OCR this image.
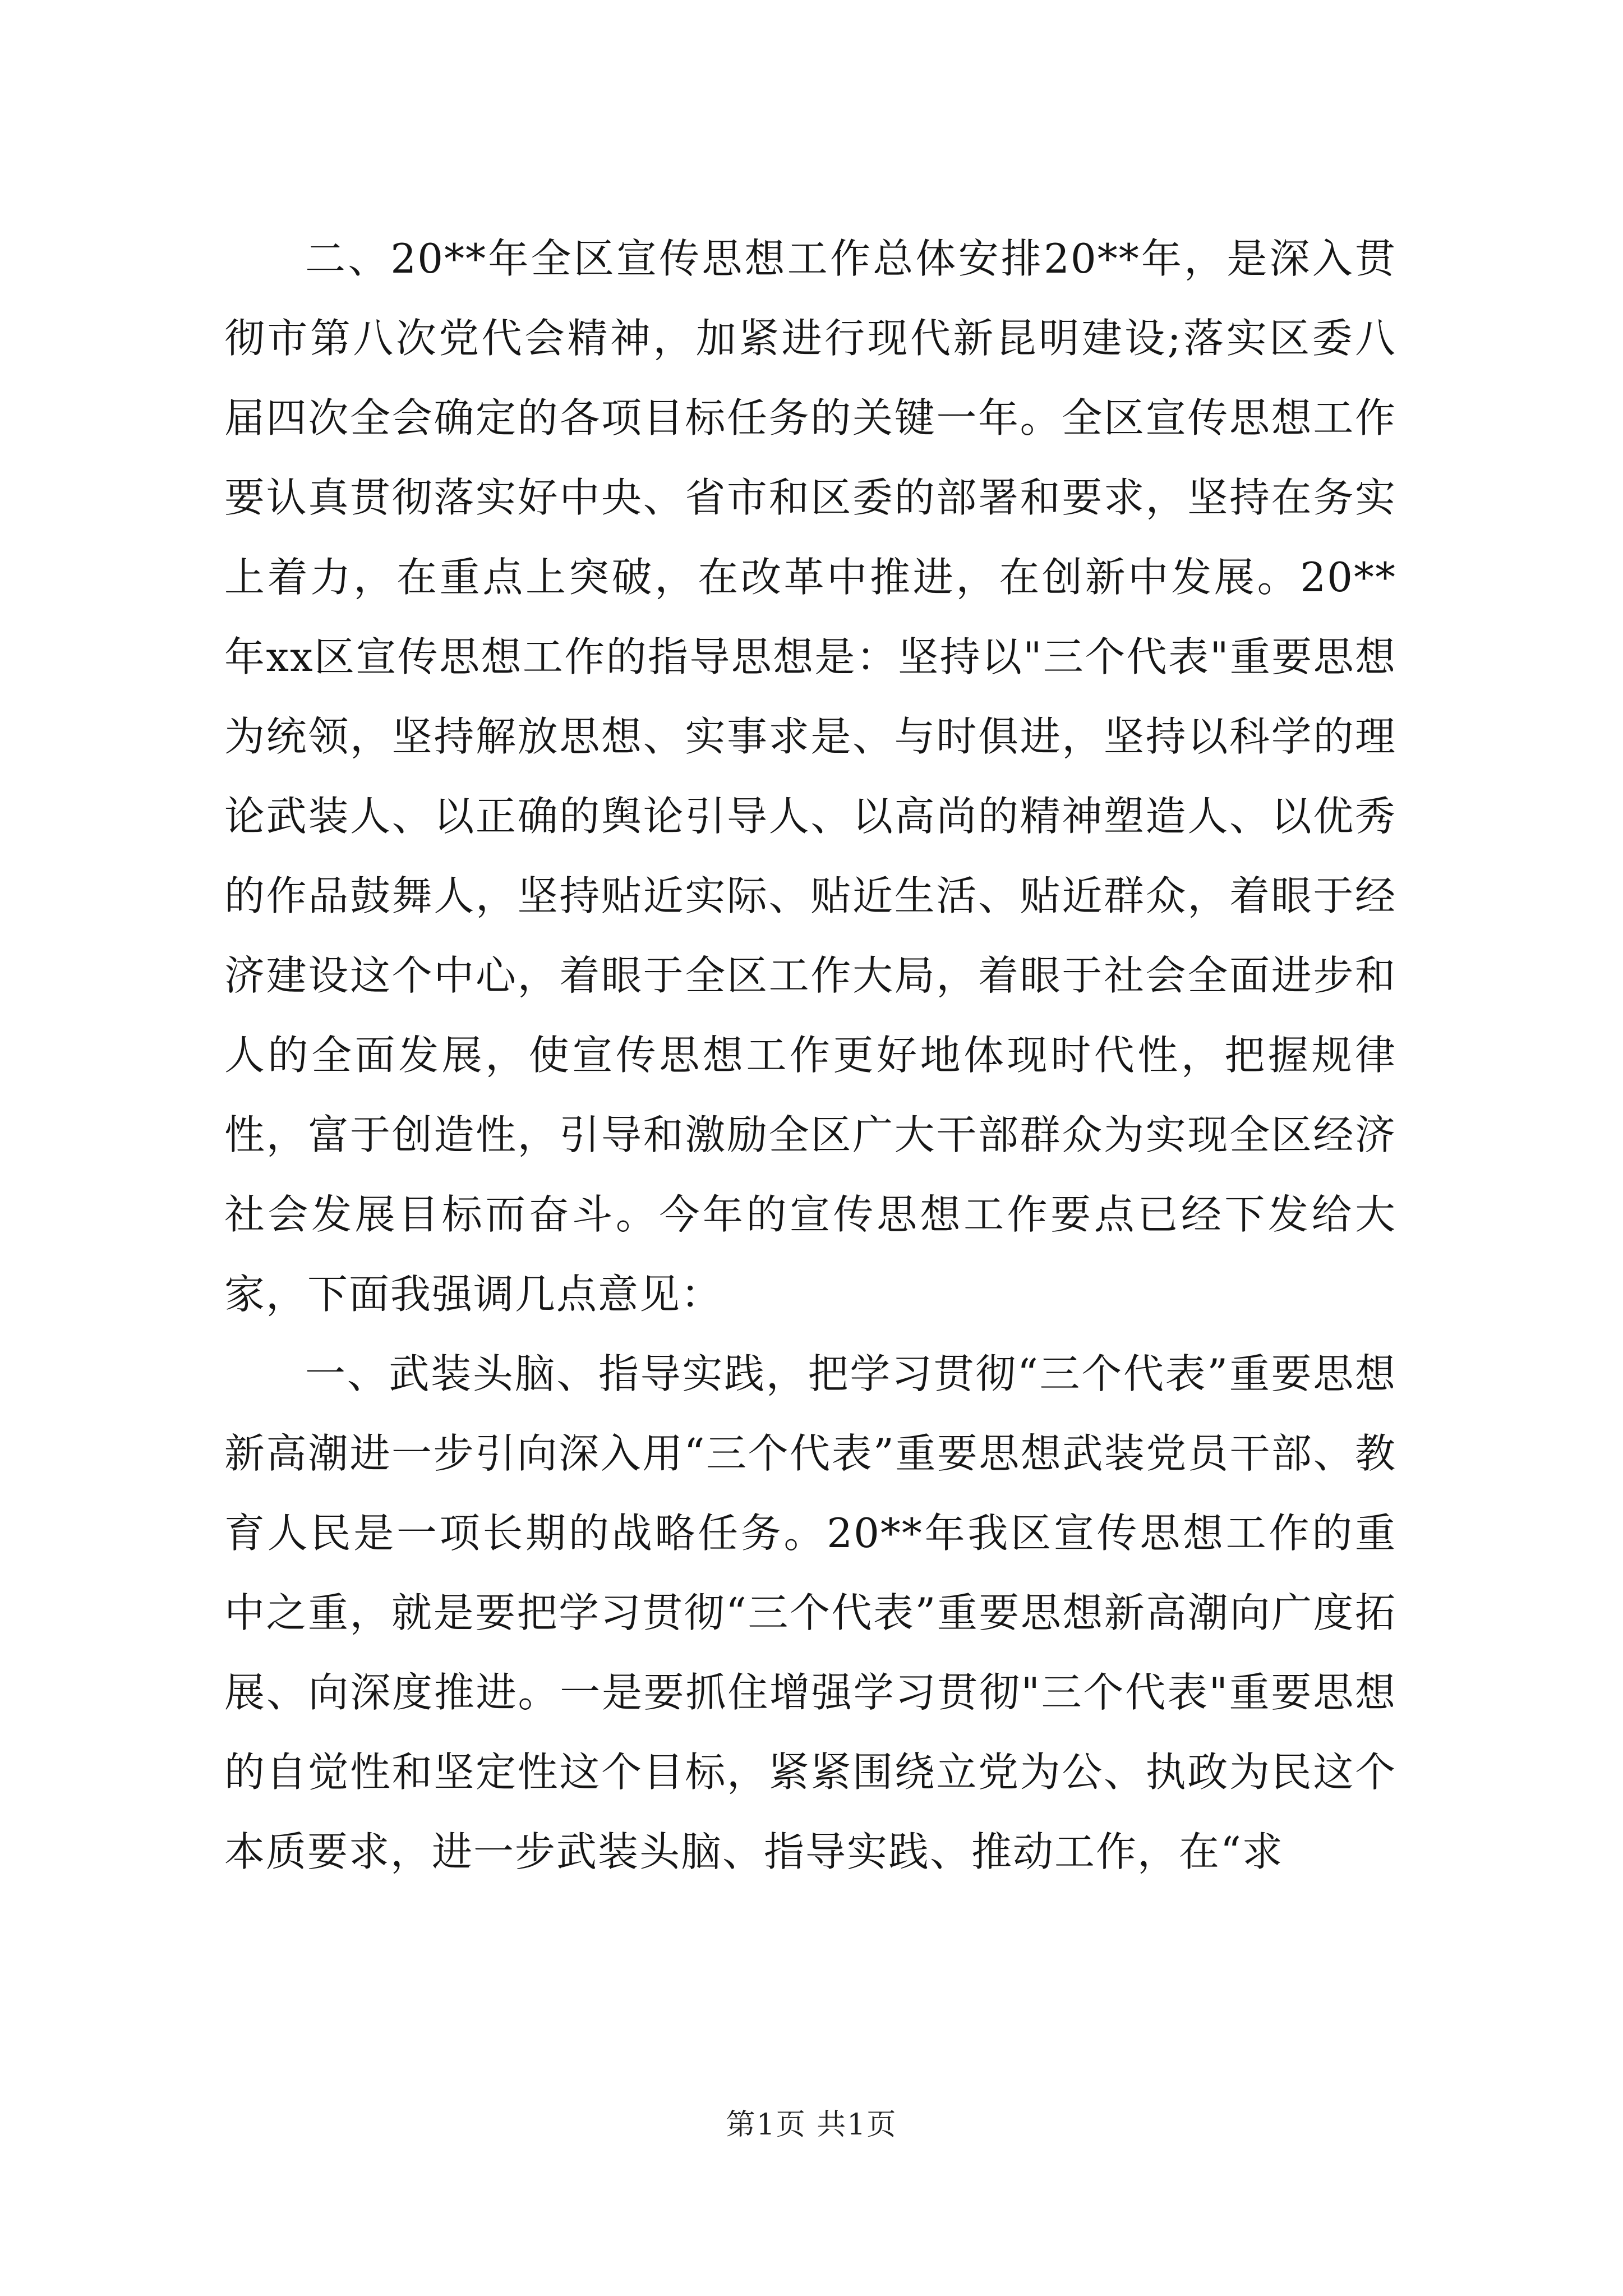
二、20**年全区宣传思想工作总体安排20**年，是深入贯彻市第八次党代会精神，加紧进行现代新昆明建设;落实区委八届四次全会确定的各项目标任务的关键一年。全区宣传思想工作要认真贯彻落实好中央、省市和区委的部署和要求，坚持在务实上着力，在重点上突破，在改革中推进，在创新中发展。20**年xx区宣传思想工作的指导思想是：坚持以"三个代表"重要思想为统领，坚持解放思想、实事求是、与时俱进，坚持以科学的理论武装人、以正确的舆论引导人、以高尚的精神塑造人、以优秀的作品鼓舞人，坚持贴近实际、贴近生活、贴近群众，着眼于经济建设这个中心，着眼于全区工作大局，着眼于社会全面进步和人的全面发展，使宣传思想工作更好地体现时代性，把握规律性，富于创造性，引导和激励全区广大干部群众为实现全区经济社会发展目标而奋斗。今年的宣传思想工作要点已经下发给大家，下面我强调几点意见：

一、武装头脑、指导实践，把学习贯彻“三个代表”重要思想新高潮进一步引向深入用“三个代表”重要思想武装党员干部、教育人民是一项长期的战略任务。20**年我区宣传思想工作的重中之重，就是要把学习贯彻“三个代表”重要思想新高潮向广度拓展、向深度推进。一是要抓住增强学习贯彻"三个代表"重要思想的自觉性和坚定性这个目标，紧紧围绕立党为公、执政为民这个本质要求，进一步武装头脑、指导实践、推动工作，在“求

第1页 共1页
